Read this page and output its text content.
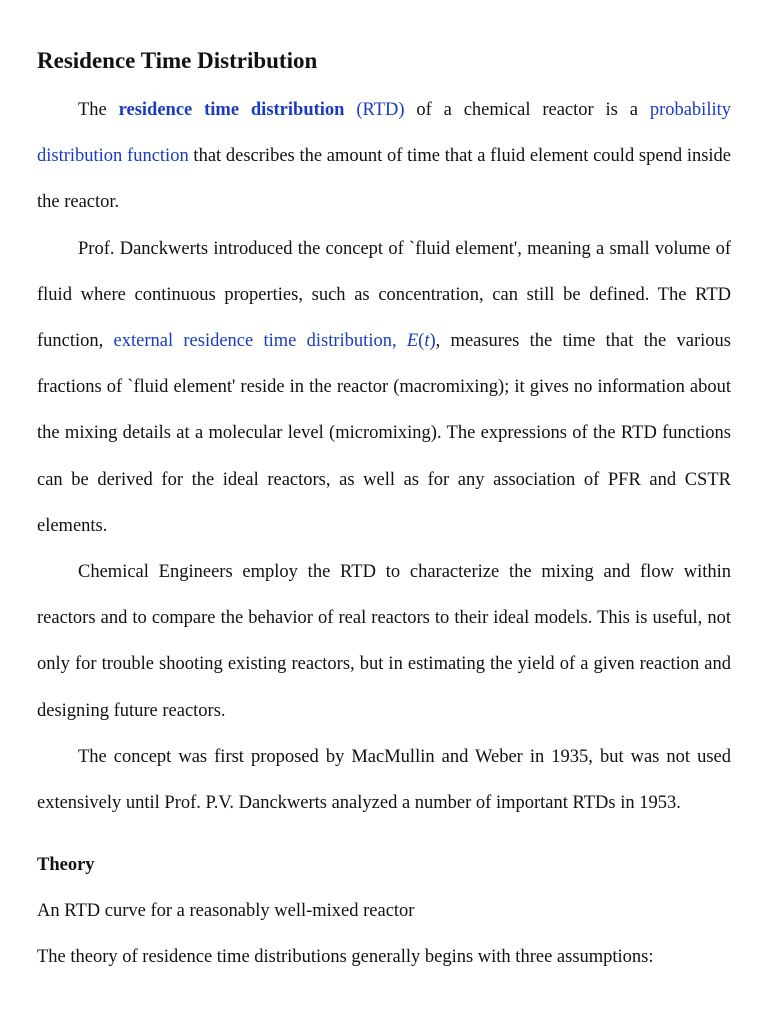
Residence Time Distribution

The residence time distribution (RTD) of a chemical reactor is a probability distribution function that describes the amount of time that a fluid element could spend inside the reactor.

Prof. Danckwerts introduced the concept of `fluid element', meaning a small volume of fluid where continuous properties, such as concentration, can still be defined. The RTD function, external residence time distribution, E(t), measures the time that the various fractions of `fluid element' reside in the reactor (macromixing); it gives no information about the mixing details at a molecular level (micromixing). The expressions of the RTD functions can be derived for the ideal reactors, as well as for any association of PFR and CSTR elements.

Chemical Engineers employ the RTD to characterize the mixing and flow within reactors and to compare the behavior of real reactors to their ideal models. This is useful, not only for trouble shooting existing reactors, but in estimating the yield of a given reaction and designing future reactors.

The concept was first proposed by MacMullin and Weber in 1935, but was not used extensively until Prof. P.V. Danckwerts analyzed a number of important RTDs in 1953.

Theory

An RTD curve for a reasonably well-mixed reactor

The theory of residence time distributions generally begins with three assumptions:
